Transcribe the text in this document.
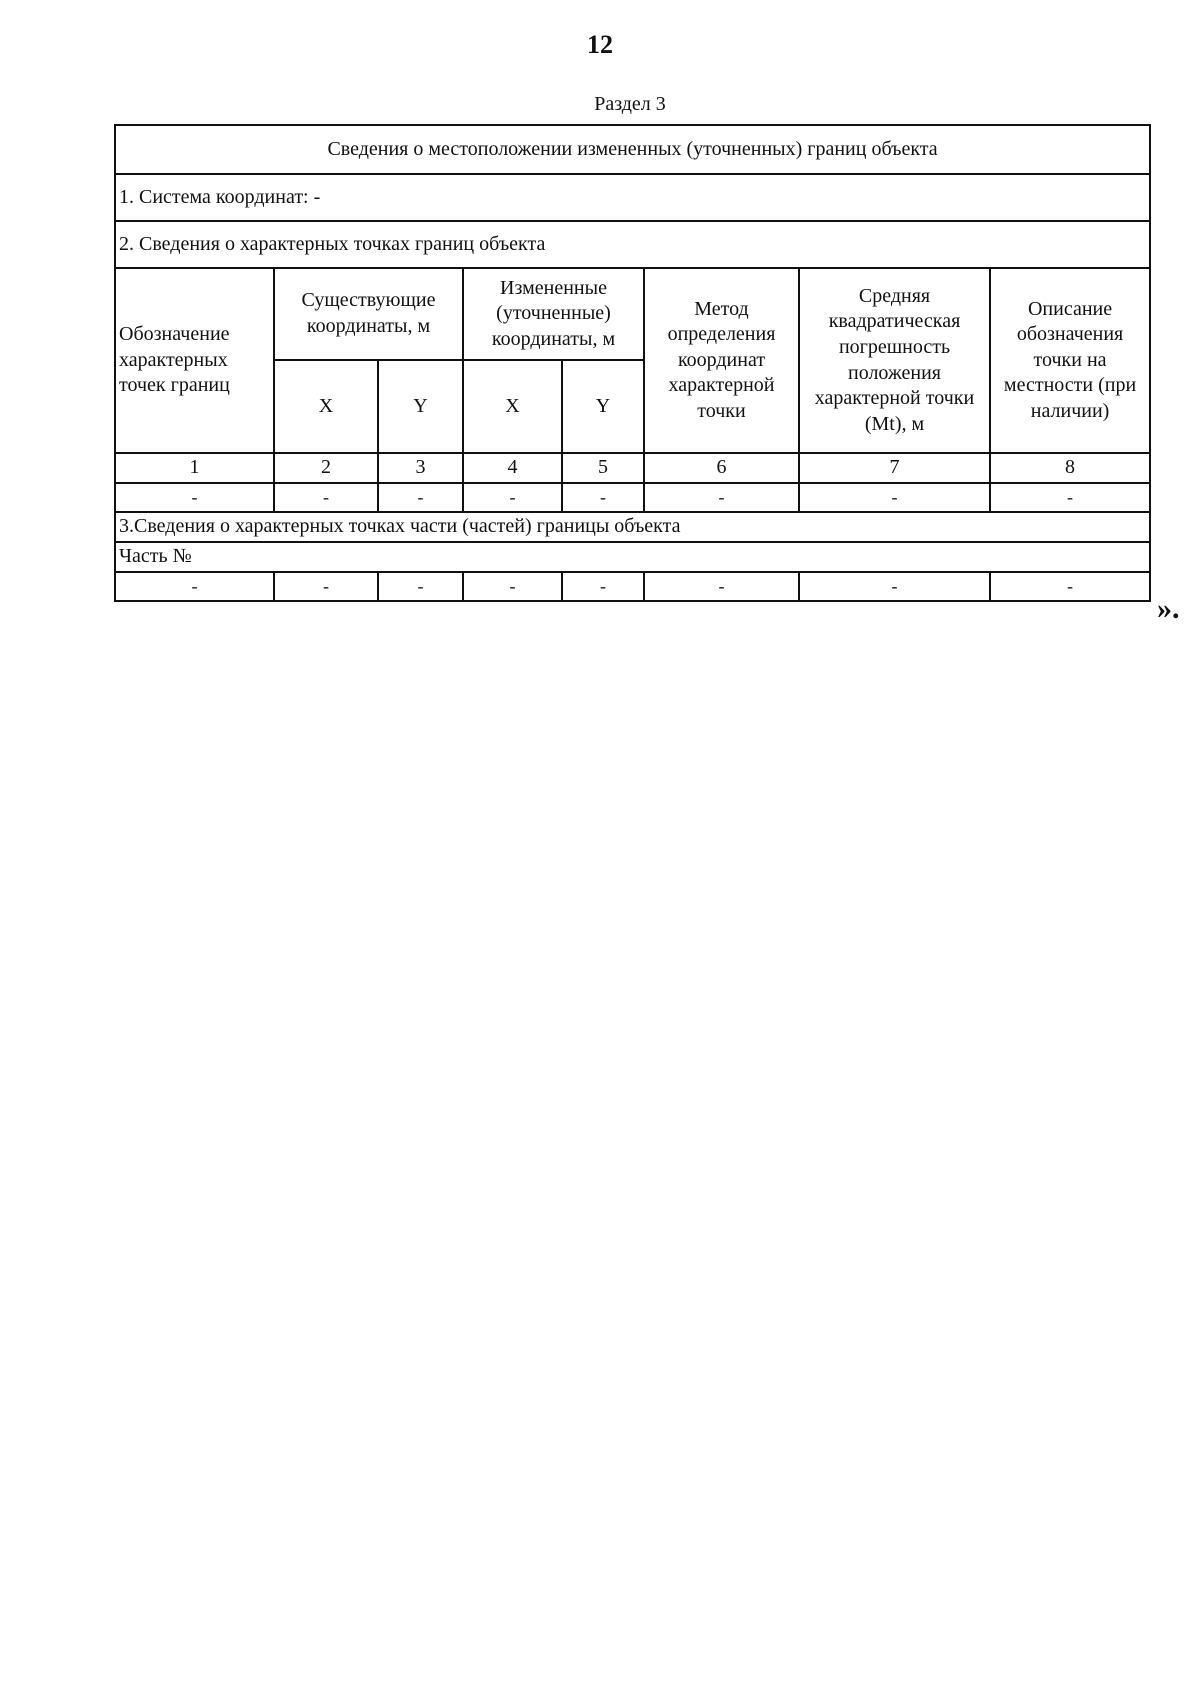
12
Раздел 3
Сведения о местоположении измененных (уточненных) границ объекта							
1. Система координат: -							
2. Сведения о характерных точках границ объекта							
Обозначение характерных точек границ	Существующие координаты, м		Измененные (уточненные) координаты, м		Метод определения координат характерной точки	Средняя квадратическая погрешность положения характерной точки (Mt), м	Описание обозначения точки на местности (при наличии)
	X	Y	X	Y			
1	2	3	4	5	6	7	8
-	-	-	-	-	-	-	-
3.Сведения о характерных точках части (частей) границы объекта							
Часть №							
-	-	-	-	-	-	-	-
».
